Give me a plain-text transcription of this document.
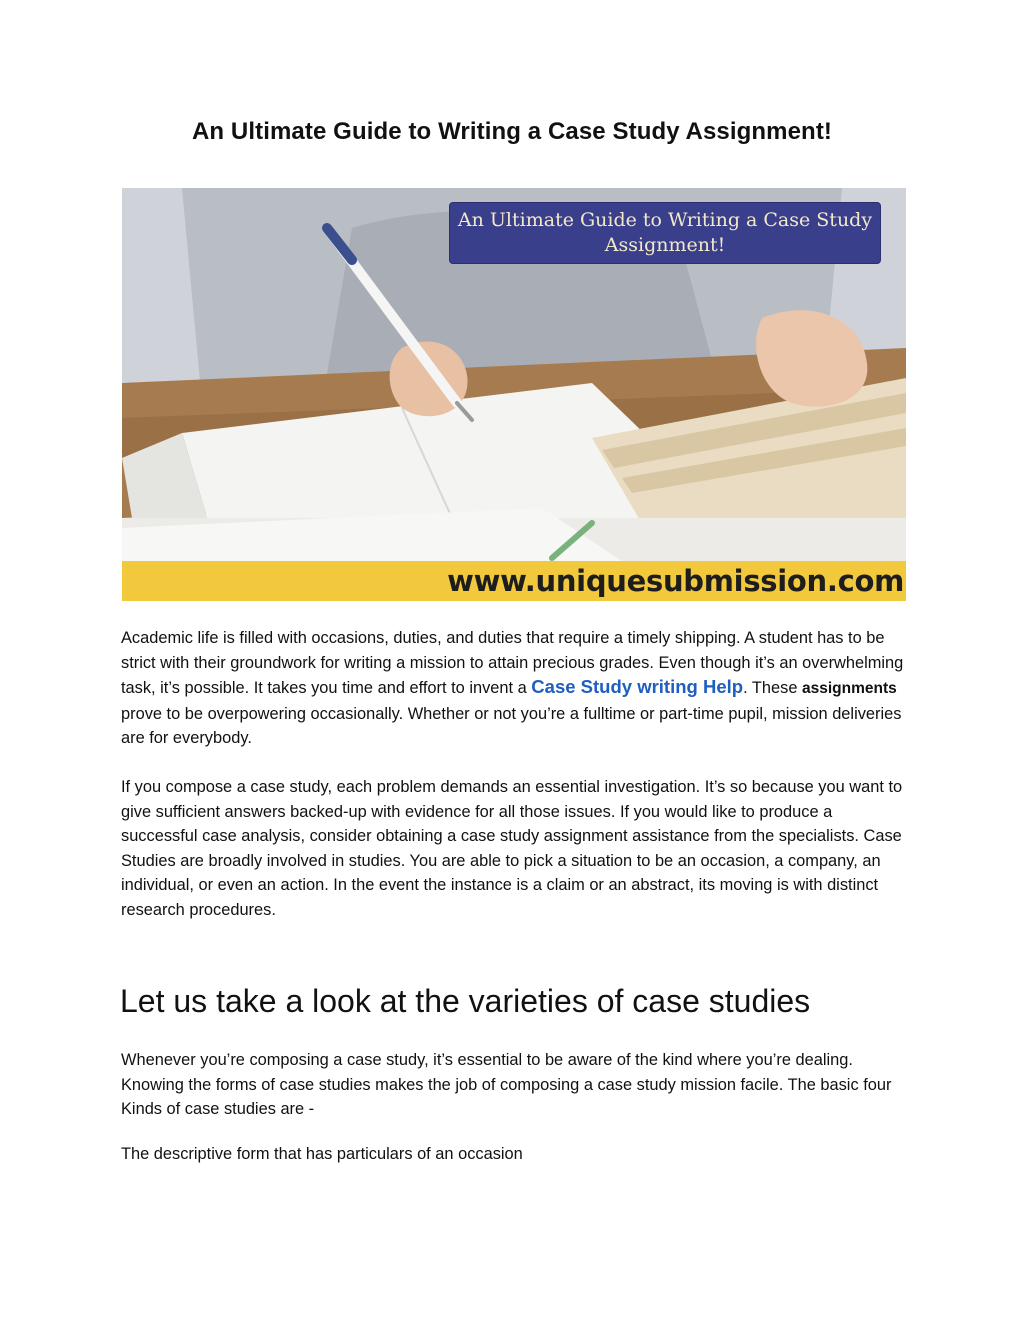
An Ultimate Guide to Writing a Case Study Assignment!
An Ultimate Guide to Writing a Case Study
Assignment!
www.uniquesubmission.com

Academic life is filled with occasions, duties, and duties that require a timely shipping. A student has to be strict with their groundwork for writing a mission to attain precious grades. Even though it’s an overwhelming task, it’s possible. It takes you time and effort to invent a Case Study writing Help. These assignments prove to be overpowering occasionally. Whether or not you’re a fulltime or part-time pupil, mission deliveries are for everybody.

If you compose a case study, each problem demands an essential investigation. It’s so because you want to give sufficient answers backed-up with evidence for all those issues. If you would like to produce a successful case analysis, consider obtaining a case study assignment assistance from the specialists. Case Studies are broadly involved in studies. You are able to pick a situation to be an occasion, a company, an individual, or even an action. In the event the instance is a claim or an abstract, its moving is with distinct research procedures.

Let us take a look at the varieties of case studies

Whenever you’re composing a case study, it’s essential to be aware of the kind where you’re dealing. Knowing the forms of case studies makes the job of composing a case study mission facile. The basic four Kinds of case studies are -

The descriptive form that has particulars of an occasion
